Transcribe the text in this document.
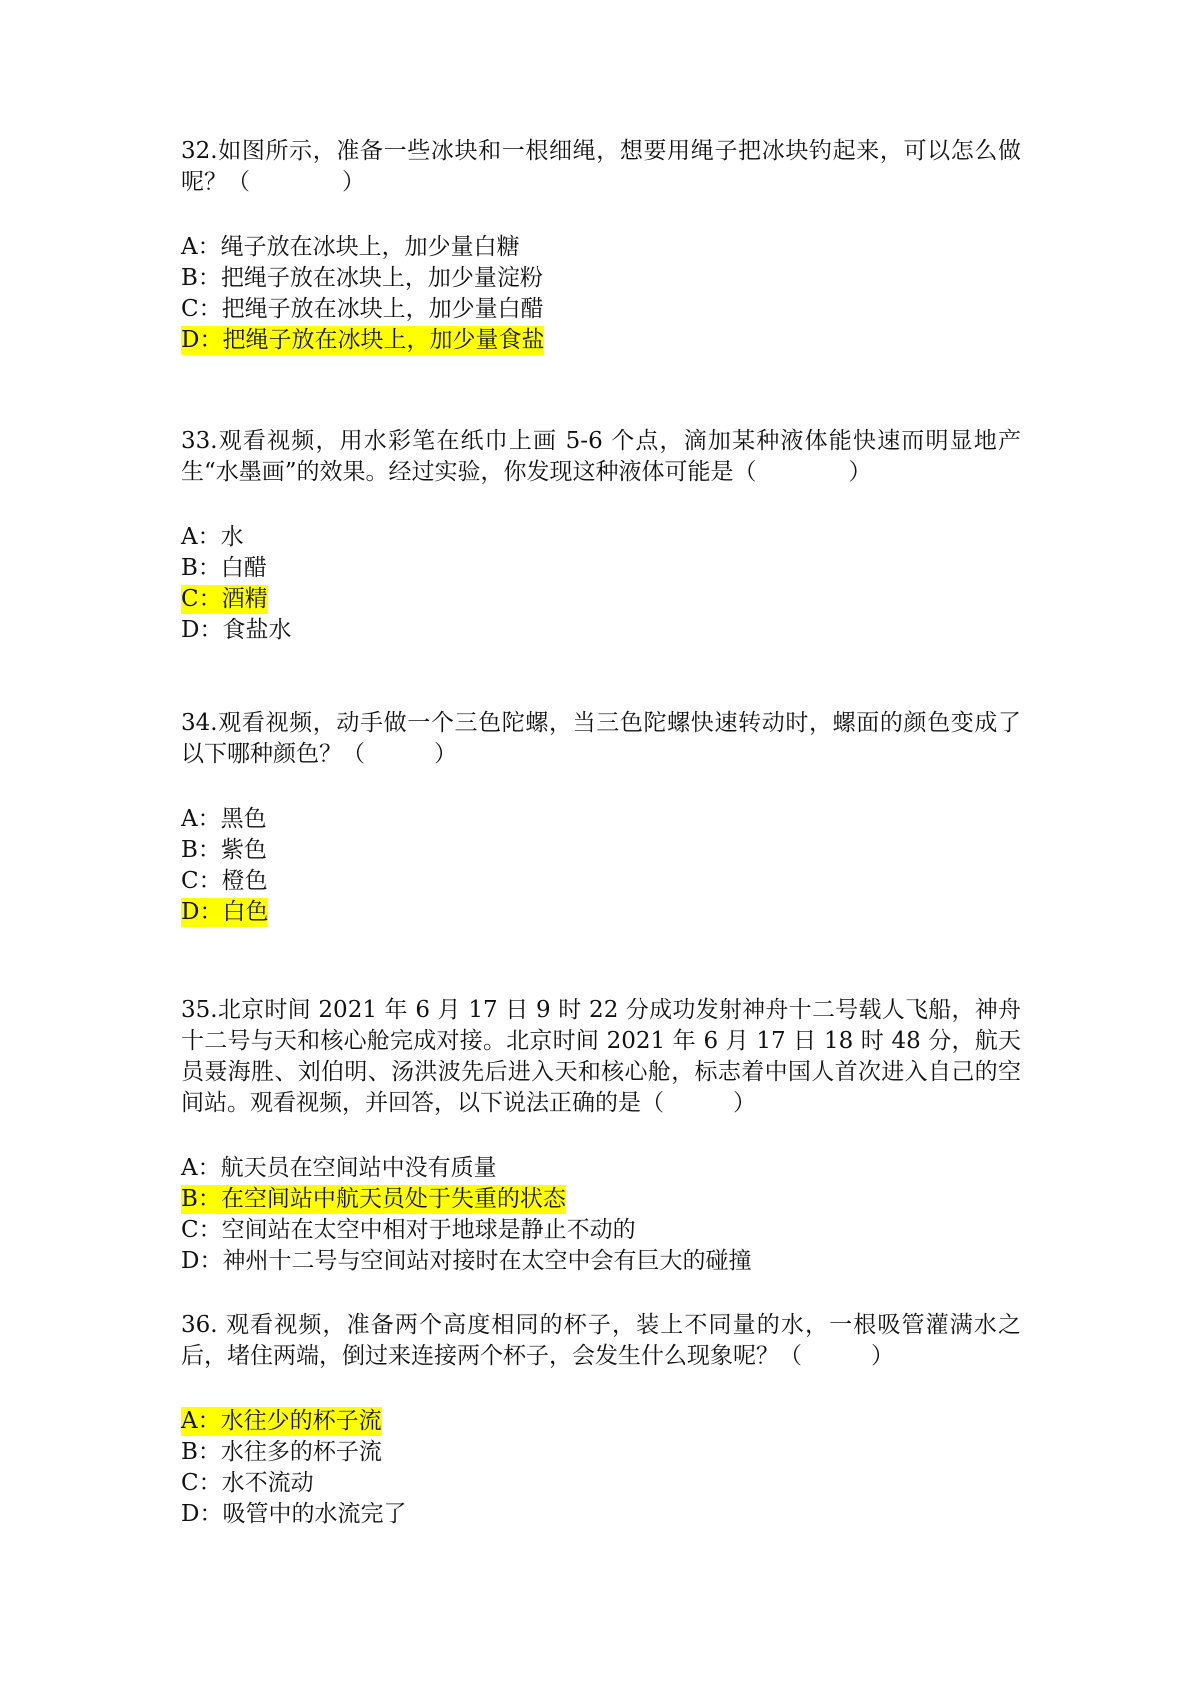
32.如图所示，准备一些冰块和一根细绳，想要用绳子把冰块钓起来，可以怎么做呢？（　　　　）

A：绳子放在冰块上，加少量白糖
B：把绳子放在冰块上，加少量淀粉
C：把绳子放在冰块上，加少量白醋
D：把绳子放在冰块上，加少量食盐

33.观看视频，用水彩笔在纸巾上画 5-6 个点，滴加某种液体能快速而明显地产生“水墨画”的效果。经过实验，你发现这种液体可能是（　　　　）

A：水
B：白醋
C：酒精
D：食盐水

34.观看视频，动手做一个三色陀螺，当三色陀螺快速转动时，螺面的颜色变成了以下哪种颜色？（　　　）

A：黑色
B：紫色
C：橙色
D：白色

35.北京时间 2021 年 6 月 17 日 9 时 22 分成功发射神舟十二号载人飞船，神舟十二号与天和核心舱完成对接。北京时间 2021 年 6 月 17 日 18 时 48 分，航天员聂海胜、刘伯明、汤洪波先后进入天和核心舱，标志着中国人首次进入自己的空间站。观看视频，并回答，以下说法正确的是（　　　）

A：航天员在空间站中没有质量
B：在空间站中航天员处于失重的状态
C：空间站在太空中相对于地球是静止不动的
D：神州十二号与空间站对接时在太空中会有巨大的碰撞

36. 观看视频，准备两个高度相同的杯子，装上不同量的水，一根吸管灌满水之后，堵住两端，倒过来连接两个杯子，会发生什么现象呢？（　　　）

A：水往少的杯子流
B：水往多的杯子流
C：水不流动
D：吸管中的水流完了
